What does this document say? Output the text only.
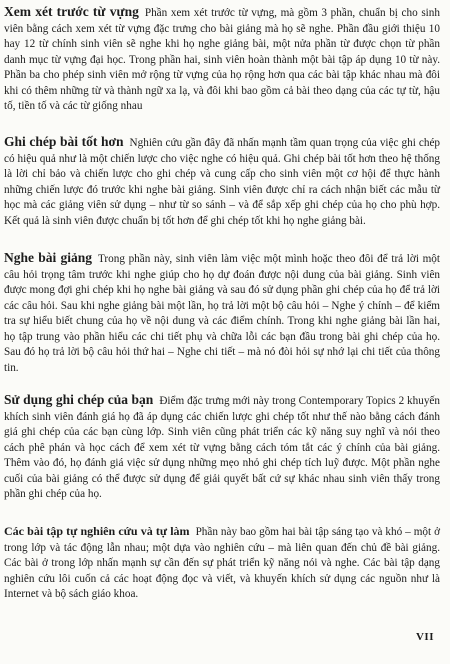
Xem xét trước từ vựng Phần xem xét trước từ vựng, mà gồm 3 phần, chuẩn bị cho sinh viên bằng cách xem xét từ vựng đặc trưng cho bài giảng mà họ sẽ nghe. Phần đầu giới thiệu 10 hay 12 từ chính sinh viên sẽ nghe khi họ nghe giảng bài, một nửa phần từ được chọn từ phần danh mục từ vựng đại học. Trong phần hai, sinh viên hoàn thành một bài tập áp dụng 10 từ này. Phần ba cho phép sinh viên mở rộng từ vựng của họ rộng hơn qua các bài tập khác nhau mà đôi khi có thêm những từ và thành ngữ xa lạ, và đôi khi bao gồm cả bài theo dạng của các tự từ, hậu tố, tiền tố và các từ giống nhau

Ghi chép bài tốt hơn Nghiên cứu gần đây đã nhấn mạnh tầm quan trọng của việc ghi chép có hiệu quả như là một chiến lược cho việc nghe có hiệu quả. Ghi chép bài tốt hơn theo hệ thống là lời chỉ bảo và chiến lược cho ghi chép và cung cấp cho sinh viên một cơ hội để thực hành những chiến lược đó trước khi nghe bài giảng. Sinh viên được chỉ ra cách nhận biết các mẫu từ học mà các giảng viên sử dụng – như từ so sánh – và để sắp xếp ghi chép của họ cho phù hợp. Kết quả là sinh viên được chuẩn bị tốt hơn để ghi chép tốt khi họ nghe giảng bài.

Nghe bài giảng Trong phần này, sinh viên làm việc một mình hoặc theo đôi để trả lời một câu hỏi trọng tâm trước khi nghe giúp cho họ dự đoán được nội dung của bài giảng. Sinh viên được mong đợi ghi chép khi họ nghe bài giảng và sau đó sử dụng phần ghi chép của họ để trả lời các câu hỏi. Sau khi nghe giảng bài một lần, họ trả lời một bộ câu hỏi – Nghe ý chính – để kiểm tra sự hiểu biết chung của họ về nội dung và các điểm chính. Trong khi nghe giảng bài lần hai, họ tập trung vào phần hiểu các chi tiết phụ và chữa lỗi các bạn đầu trong bài ghi chép của họ. Sau đó họ trả lời bộ câu hỏi thứ hai – Nghe chi tiết – mà nó đòi hỏi sự nhớ lại chi tiết của thông tin.

Sử dụng ghi chép của bạn Điểm đặc trưng mới này trong Contemporary Topics 2 khuyến khích sinh viên đánh giá họ đã áp dụng các chiến lược ghi chép tốt như thế nào bằng cách đánh giá ghi chép của các bạn cùng lớp. Sinh viên cũng phát triển các kỹ năng suy nghĩ và nói theo cách phê phán và học cách để xem xét từ vựng bằng cách tóm tắt các ý chính của bài giảng. Thêm vào đó, họ đánh giá việc sử dụng những mẹo nhỏ ghi chép tích luỹ được. Một phần nghe cuối của bài giảng có thể được sử dụng để giải quyết bất cứ sự khác nhau sinh viên thấy trong phần ghi chép của họ.

Các bài tập tự nghiên cứu và tự làm Phần này bao gồm hai bài tập sáng tạo và khó – một ở trong lớp và tác động lẫn nhau; một dựa vào nghiên cứu – mà liên quan đến chủ đề bài giảng. Các bài ở trong lớp nhấn mạnh sự cần đến sự phát triển kỹ năng nói và nghe. Các bài tập dạng nghiên cứu lôi cuốn cả các hoạt động đọc và viết, và khuyến khích sử dụng các nguồn như là Internet và bộ sách giáo khoa.

VII
